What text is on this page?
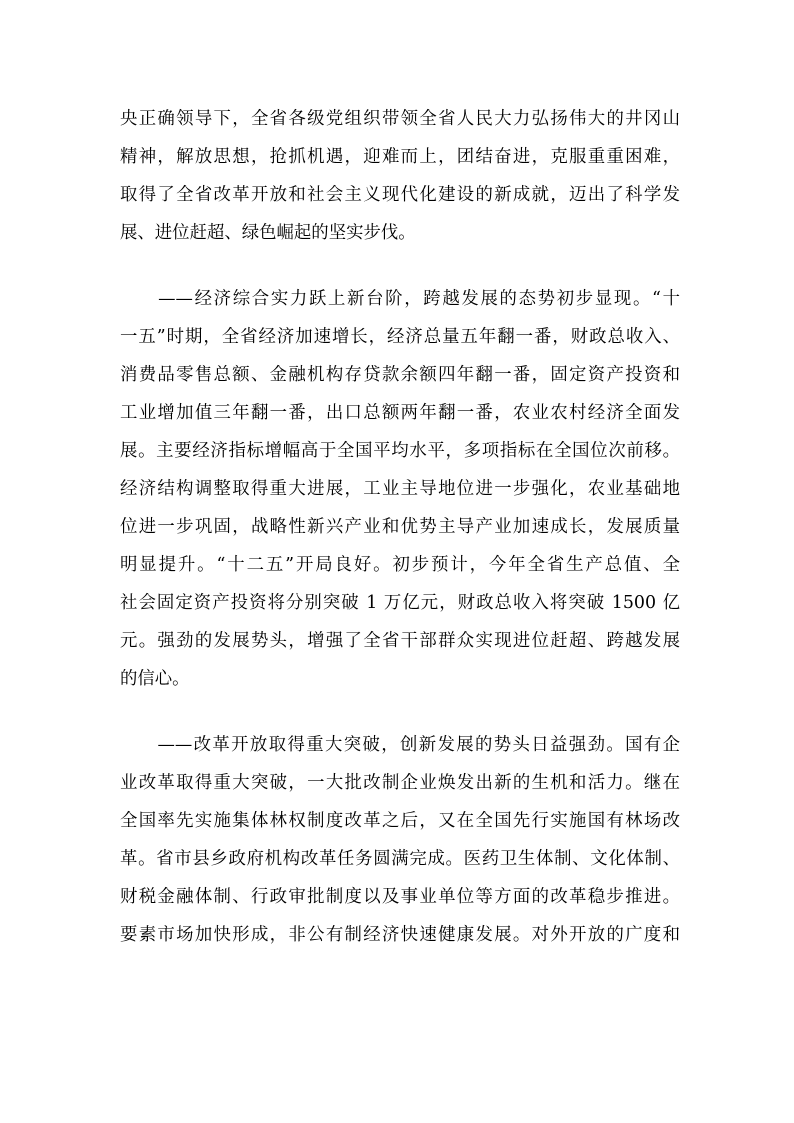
央正确领导下，全省各级党组织带领全省人民大力弘扬伟大的井冈山
精神，解放思想，抢抓机遇，迎难而上，团结奋进，克服重重困难，
取得了全省改革开放和社会主义现代化建设的新成就，迈出了科学发
展、进位赶超、绿色崛起的坚实步伐。
　　——经济综合实力跃上新台阶，跨越发展的态势初步显现。“十
一五”时期，全省经济加速增长，经济总量五年翻一番，财政总收入、
消费品零售总额、金融机构存贷款余额四年翻一番，固定资产投资和
工业增加值三年翻一番，出口总额两年翻一番，农业农村经济全面发
展。主要经济指标增幅高于全国平均水平，多项指标在全国位次前移。
经济结构调整取得重大进展，工业主导地位进一步强化，农业基础地
位进一步巩固，战略性新兴产业和优势主导产业加速成长，发展质量
明显提升。“十二五”开局良好。初步预计，今年全省生产总值、全
社会固定资产投资将分别突破 1 万亿元，财政总收入将突破 1500 亿
元。强劲的发展势头，增强了全省干部群众实现进位赶超、跨越发展
的信心。
　　——改革开放取得重大突破，创新发展的势头日益强劲。国有企
业改革取得重大突破，一大批改制企业焕发出新的生机和活力。继在
全国率先实施集体林权制度改革之后，又在全国先行实施国有林场改
革。省市县乡政府机构改革任务圆满完成。医药卫生体制、文化体制、
财税金融体制、行政审批制度以及事业单位等方面的改革稳步推进。
要素市场加快形成，非公有制经济快速健康发展。对外开放的广度和
